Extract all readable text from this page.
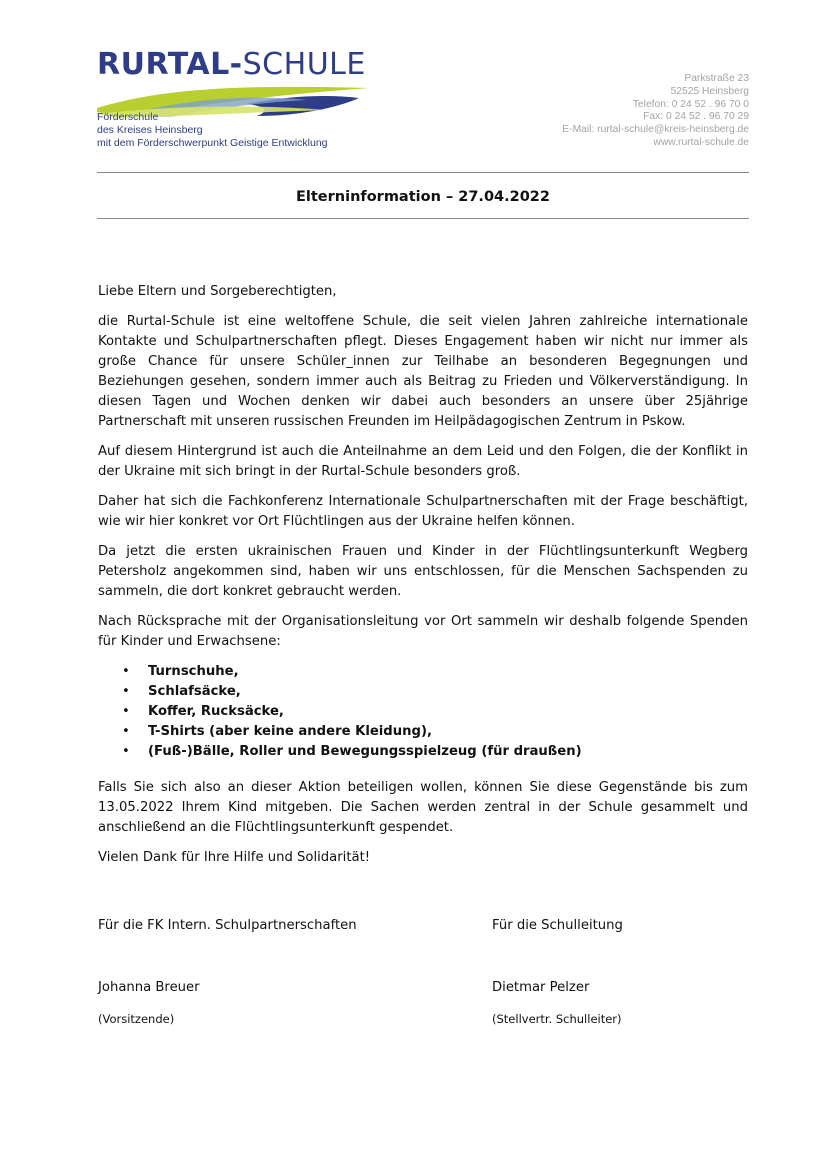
RURTAL-SCHULE
Förderschule
des Kreises Heinsberg
mit dem Förderschwerpunkt Geistige Entwicklung
Parkstraße 23
52525 Heinsberg
Telefon: 0 24 52 . 96 70 0
Fax: 0 24 52 . 96 70 29
E-Mail: rurtal-schule@kreis-heinsberg.de
www.rurtal-schule.de
Elterninformation – 27.04.2022

Liebe Eltern und Sorgeberechtigten,

die Rurtal-Schule ist eine weltoffene Schule, die seit vielen Jahren zahlreiche internationale Kontakte und Schulpartnerschaften pflegt. Dieses Engagement haben wir nicht nur immer als große Chance für unsere Schüler_innen zur Teilhabe an besonderen Begegnungen und Beziehungen gesehen, sondern immer auch als Beitrag zu Frieden und Völkerverständigung. In diesen Tagen und Wochen denken wir dabei auch besonders an unsere über 25jährige Partnerschaft mit unseren russischen Freunden im Heilpädagogischen Zentrum in Pskow.

Auf diesem Hintergrund ist auch die Anteilnahme an dem Leid und den Folgen, die der Konflikt in der Ukraine mit sich bringt in der Rurtal-Schule besonders groß.

Daher hat sich die Fachkonferenz Internationale Schulpartnerschaften mit der Frage beschäftigt, wie wir hier konkret vor Ort Flüchtlingen aus der Ukraine helfen können.

Da jetzt die ersten ukrainischen Frauen und Kinder in der Flüchtlingsunterkunft Wegberg Petersholz angekommen sind, haben wir uns entschlossen, für die Menschen Sachspenden zu sammeln, die dort konkret gebraucht werden.

Nach Rücksprache mit der Organisationsleitung vor Ort sammeln wir deshalb folgende Spenden für Kinder und Erwachsene:

• Turnschuhe,
• Schlafsäcke,
• Koffer, Rucksäcke,
• T-Shirts (aber keine andere Kleidung),
• (Fuß-)Bälle, Roller und Bewegungsspielzeug (für draußen)

Falls Sie sich also an dieser Aktion beteiligen wollen, können Sie diese Gegenstände bis zum 13.05.2022 Ihrem Kind mitgeben. Die Sachen werden zentral in der Schule gesammelt und anschließend an die Flüchtlingsunterkunft gespendet.

Vielen Dank für Ihre Hilfe und Solidarität!

Für die FK Intern. Schulpartnerschaften	Für die Schulleitung
Johanna Breuer	Dietmar Pelzer
(Vorsitzende)	(Stellvertr. Schulleiter)
